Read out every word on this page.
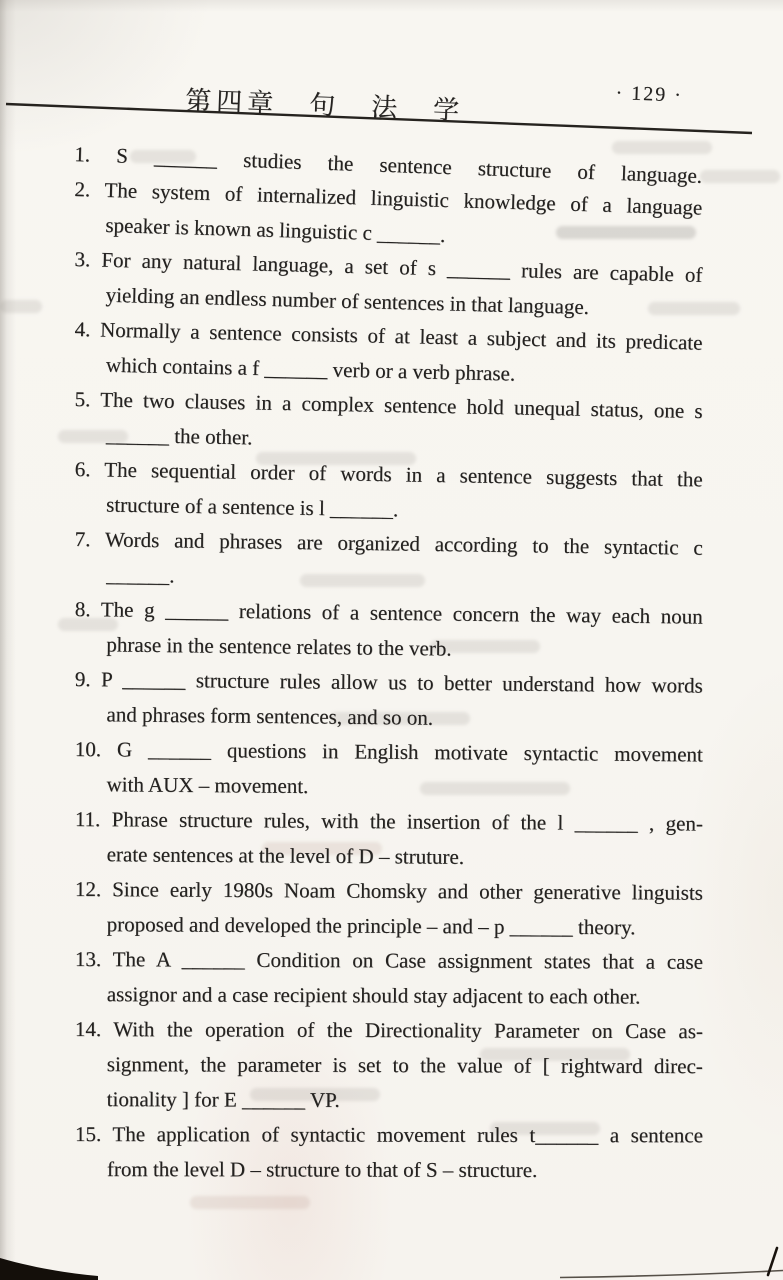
第四章　句　法　学	· 129 ·
1. S ______ studies the sentence structure of language.
2. The system of internalized linguistic knowledge of a language
speaker is known as linguistic c ______.
3. For any natural language, a set of s ______ rules are capable of
yielding an endless number of sentences in that language.
4. Normally a sentence consists of at least a subject and its predicate
which contains a f ______ verb or a verb phrase.
5. The two clauses in a complex sentence hold unequal status, one s
______ the other.
6. The sequential order of words in a sentence suggests that the
structure of a sentence is l ______.
7. Words and phrases are organized according to the syntactic c
______.
8. The g ______ relations of a sentence concern the way each noun
phrase in the sentence relates to the verb.
9. P ______ structure rules allow us to better understand how words
and phrases form sentences, and so on.
10. G ______ questions in English motivate syntactic movement
with AUX – movement.
11. Phrase structure rules, with the insertion of the l ______ , gen-
erate sentences at the level of D – struture.
12. Since early 1980s Noam Chomsky and other generative linguists
proposed and developed the principle – and – p ______ theory.
13. The A ______ Condition on Case assignment states that a case
assignor and a case recipient should stay adjacent to each other.
14. With the operation of the Directionality Parameter on Case as-
signment, the parameter is set to the value of [ rightward direc-
tionality ] for E ______ VP.
15. The application of syntactic movement rules t______ a sentence
from the level D – structure to that of S – structure.
